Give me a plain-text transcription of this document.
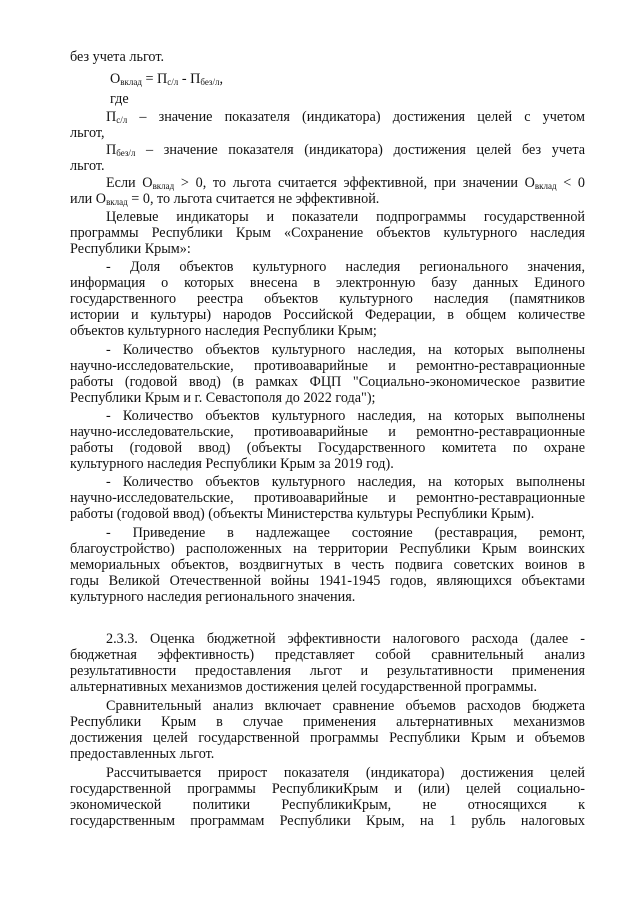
без учета льгот.
$О_{вклад} = П_{с/л} - П_{без/л}$,
где
$П_{с/л}$ – значение показателя (индикатора) достижения целей с учетом
льгот,
$П_{без/л}$ – значение показателя (индикатора) достижения целей без учета
льгот.
Если $О_{вклад} > 0$, то льгота считается эффективной, при значении $О_{вклад} < 0$
или $О_{вклад} = 0$, то льгота считается не эффективной.
Целевые индикаторы и показатели подпрограммы государственной
программы Республики Крым «Сохранение объектов культурного наследия
Республики Крым»:
- Доля объектов культурного наследия регионального значения,
информация о которых внесена в электронную базу данных Единого
государственного реестра объектов культурного наследия (памятников
истории и культуры) народов Российской Федерации, в общем количестве
объектов культурного наследия Республики Крым;
- Количество объектов культурного наследия, на которых выполнены
научно-исследовательские, противоаварийные и ремонтно-реставрационные
работы (годовой ввод) (в рамках ФЦП "Социально-экономическое развитие
Республики Крым и г. Севастополя до 2022 года");
- Количество объектов культурного наследия, на которых выполнены
научно-исследовательские, противоаварийные и ремонтно-реставрационные
работы (годовой ввод) (объекты Государственного комитета по охране
культурного наследия Республики Крым за 2019 год).
- Количество объектов культурного наследия, на которых выполнены
научно-исследовательские, противоаварийные и ремонтно-реставрационные
работы (годовой ввод) (объекты Министерства культуры Республики Крым).
- Приведение в надлежащее состояние (реставрация, ремонт,
благоустройство) расположенных на территории Республики Крым воинских
мемориальных объектов, воздвигнутых в честь подвига советских воинов в
годы Великой Отечественной войны 1941-1945 годов, являющихся объектами
культурного наследия регионального значения.
2.3.3. Оценка бюджетной эффективности налогового расхода (далее -
бюджетная эффективность) представляет собой сравнительный анализ
результативности предоставления льгот и результативности применения
альтернативных механизмов достижения целей государственной программы.
Сравнительный анализ включает сравнение объемов расходов бюджета
Республики Крым в случае применения альтернативных механизмов
достижения целей государственной программы Республики Крым и объемов
предоставленных льгот.
Рассчитывается прирост показателя (индикатора) достижения целей
государственной программы РеспубликиКрым и (или) целей социально-
экономической политики РеспубликиКрым, не относящихся к
государственным программам Республики Крым, на 1 рубль налоговых
